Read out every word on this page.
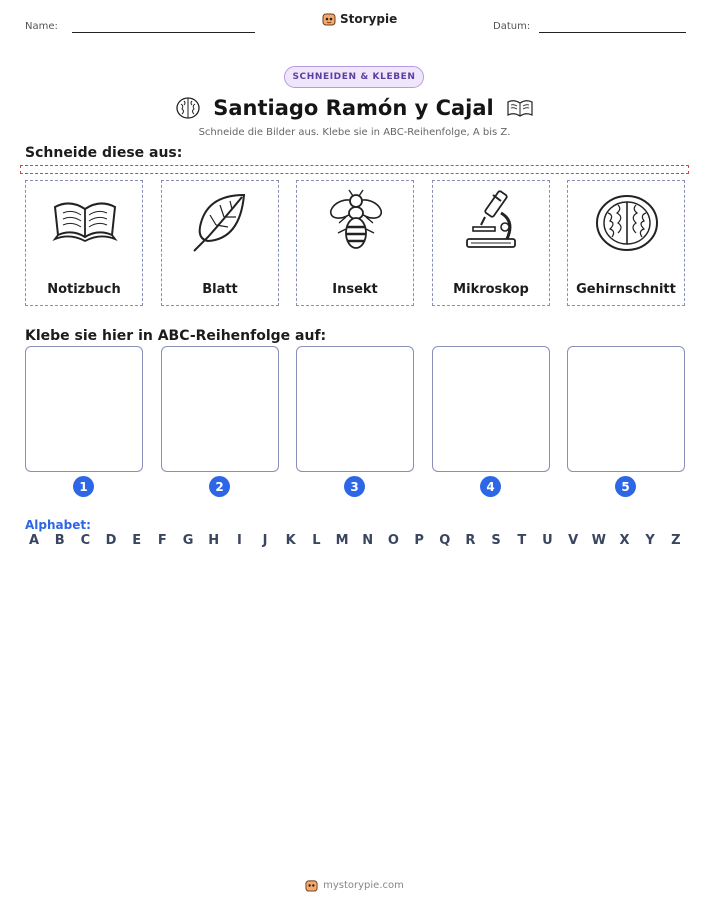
Name:
Storypie
Datum:
SCHNEIDEN & KLEBEN
Santiago Ramón y Cajal
Schneide die Bilder aus. Klebe sie in ABC-Reihenfolge, A bis Z.
Schneide diese aus:
Notizbuch	Blatt	Insekt	Mikroskop	Gehirnschnitt
Klebe sie hier in ABC-Reihenfolge auf:
1	2	3	4	5
Alphabet:
A	B	C	D	E	F	G H	I	J	K	L	M N O	P	Q	R	S	T	U	V	W	X	Y	Z
mystorypie.com
